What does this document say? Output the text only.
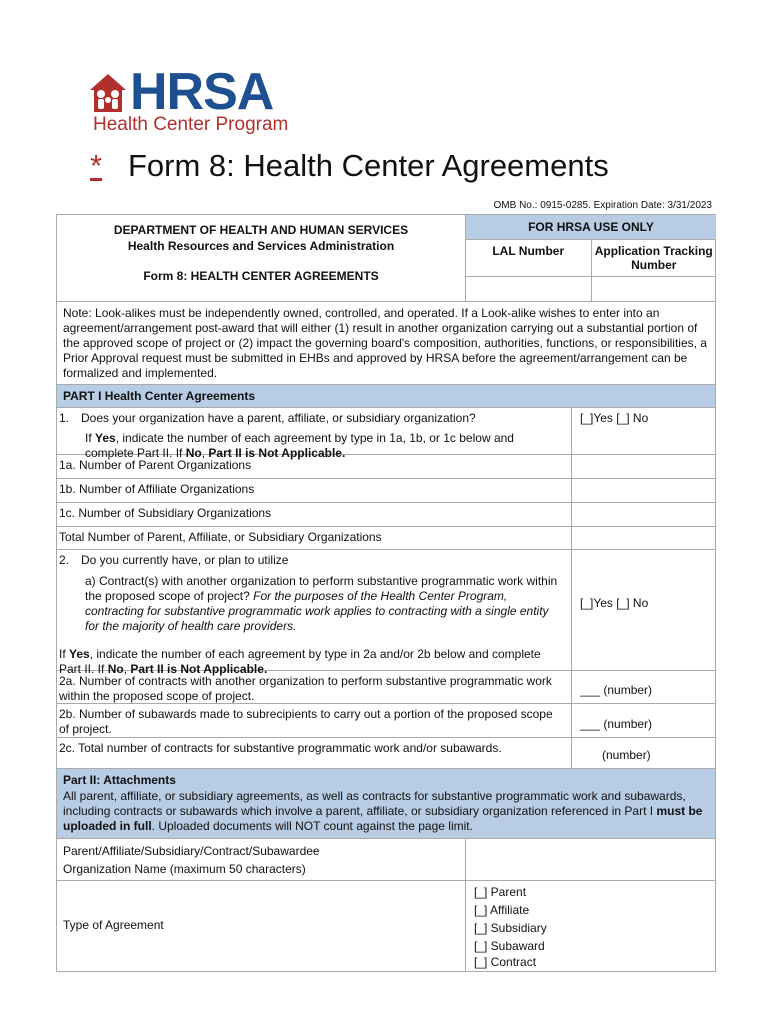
HRSA
Health Center Program
* Form 8: Health Center Agreements
OMB No.: 0915-0285. Expiration Date: 3/31/2023
DEPARTMENT OF HEALTH AND HUMAN SERVICES
Health Resources and Services Administration
Form 8: HEALTH CENTER AGREEMENTS
FOR HRSA USE ONLY
LAL Number	Application Tracking Number
Note: Look-alikes must be independently owned, controlled, and operated. If a Look-alike wishes to enter into an agreement/arrangement post-award that will either (1) result in another organization carrying out a substantial portion of the approved scope of project or (2) impact the governing board's composition, authorities, functions, or responsibilities, a Prior Approval request must be submitted in EHBs and approved by HRSA before the agreement/arrangement can be formalized and implemented.
PART I Health Center Agreements
1. Does your organization have a parent, affiliate, or subsidiary organization?
If Yes, indicate the number of each agreement by type in 1a, 1b, or 1c below and complete Part II. If No, Part II is Not Applicable.
[_]Yes [_] No
1a. Number of Parent Organizations
1b. Number of Affiliate Organizations
1c. Number of Subsidiary Organizations
Total Number of Parent, Affiliate, or Subsidiary Organizations
2. Do you currently have, or plan to utilize
a) Contract(s) with another organization to perform substantive programmatic work within the proposed scope of project? For the purposes of the Health Center Program, contracting for substantive programmatic work applies to contracting with a single entity for the majority of health care providers.
If Yes, indicate the number of each agreement by type in 2a and/or 2b below and complete Part II. If No, Part II is Not Applicable.
[_]Yes [_] No
2a. Number of contracts with another organization to perform substantive programmatic work within the proposed scope of project.	___ (number)
2b. Number of subawards made to subrecipients to carry out a portion of the proposed scope of project.	___ (number)
2c. Total number of contracts for substantive programmatic work and/or subawards.	(number)
Part II: Attachments
All parent, affiliate, or subsidiary agreements, as well as contracts for substantive programmatic work and subawards, including contracts or subawards which involve a parent, affiliate, or subsidiary organization referenced in Part I must be uploaded in full. Uploaded documents will NOT count against the page limit.
Parent/Affiliate/Subsidiary/Contract/Subawardee
Organization Name (maximum 50 characters)
Type of Agreement
[_] Parent
[_] Affiliate
[_] Subsidiary
[_] Subaward
[_] Contract
